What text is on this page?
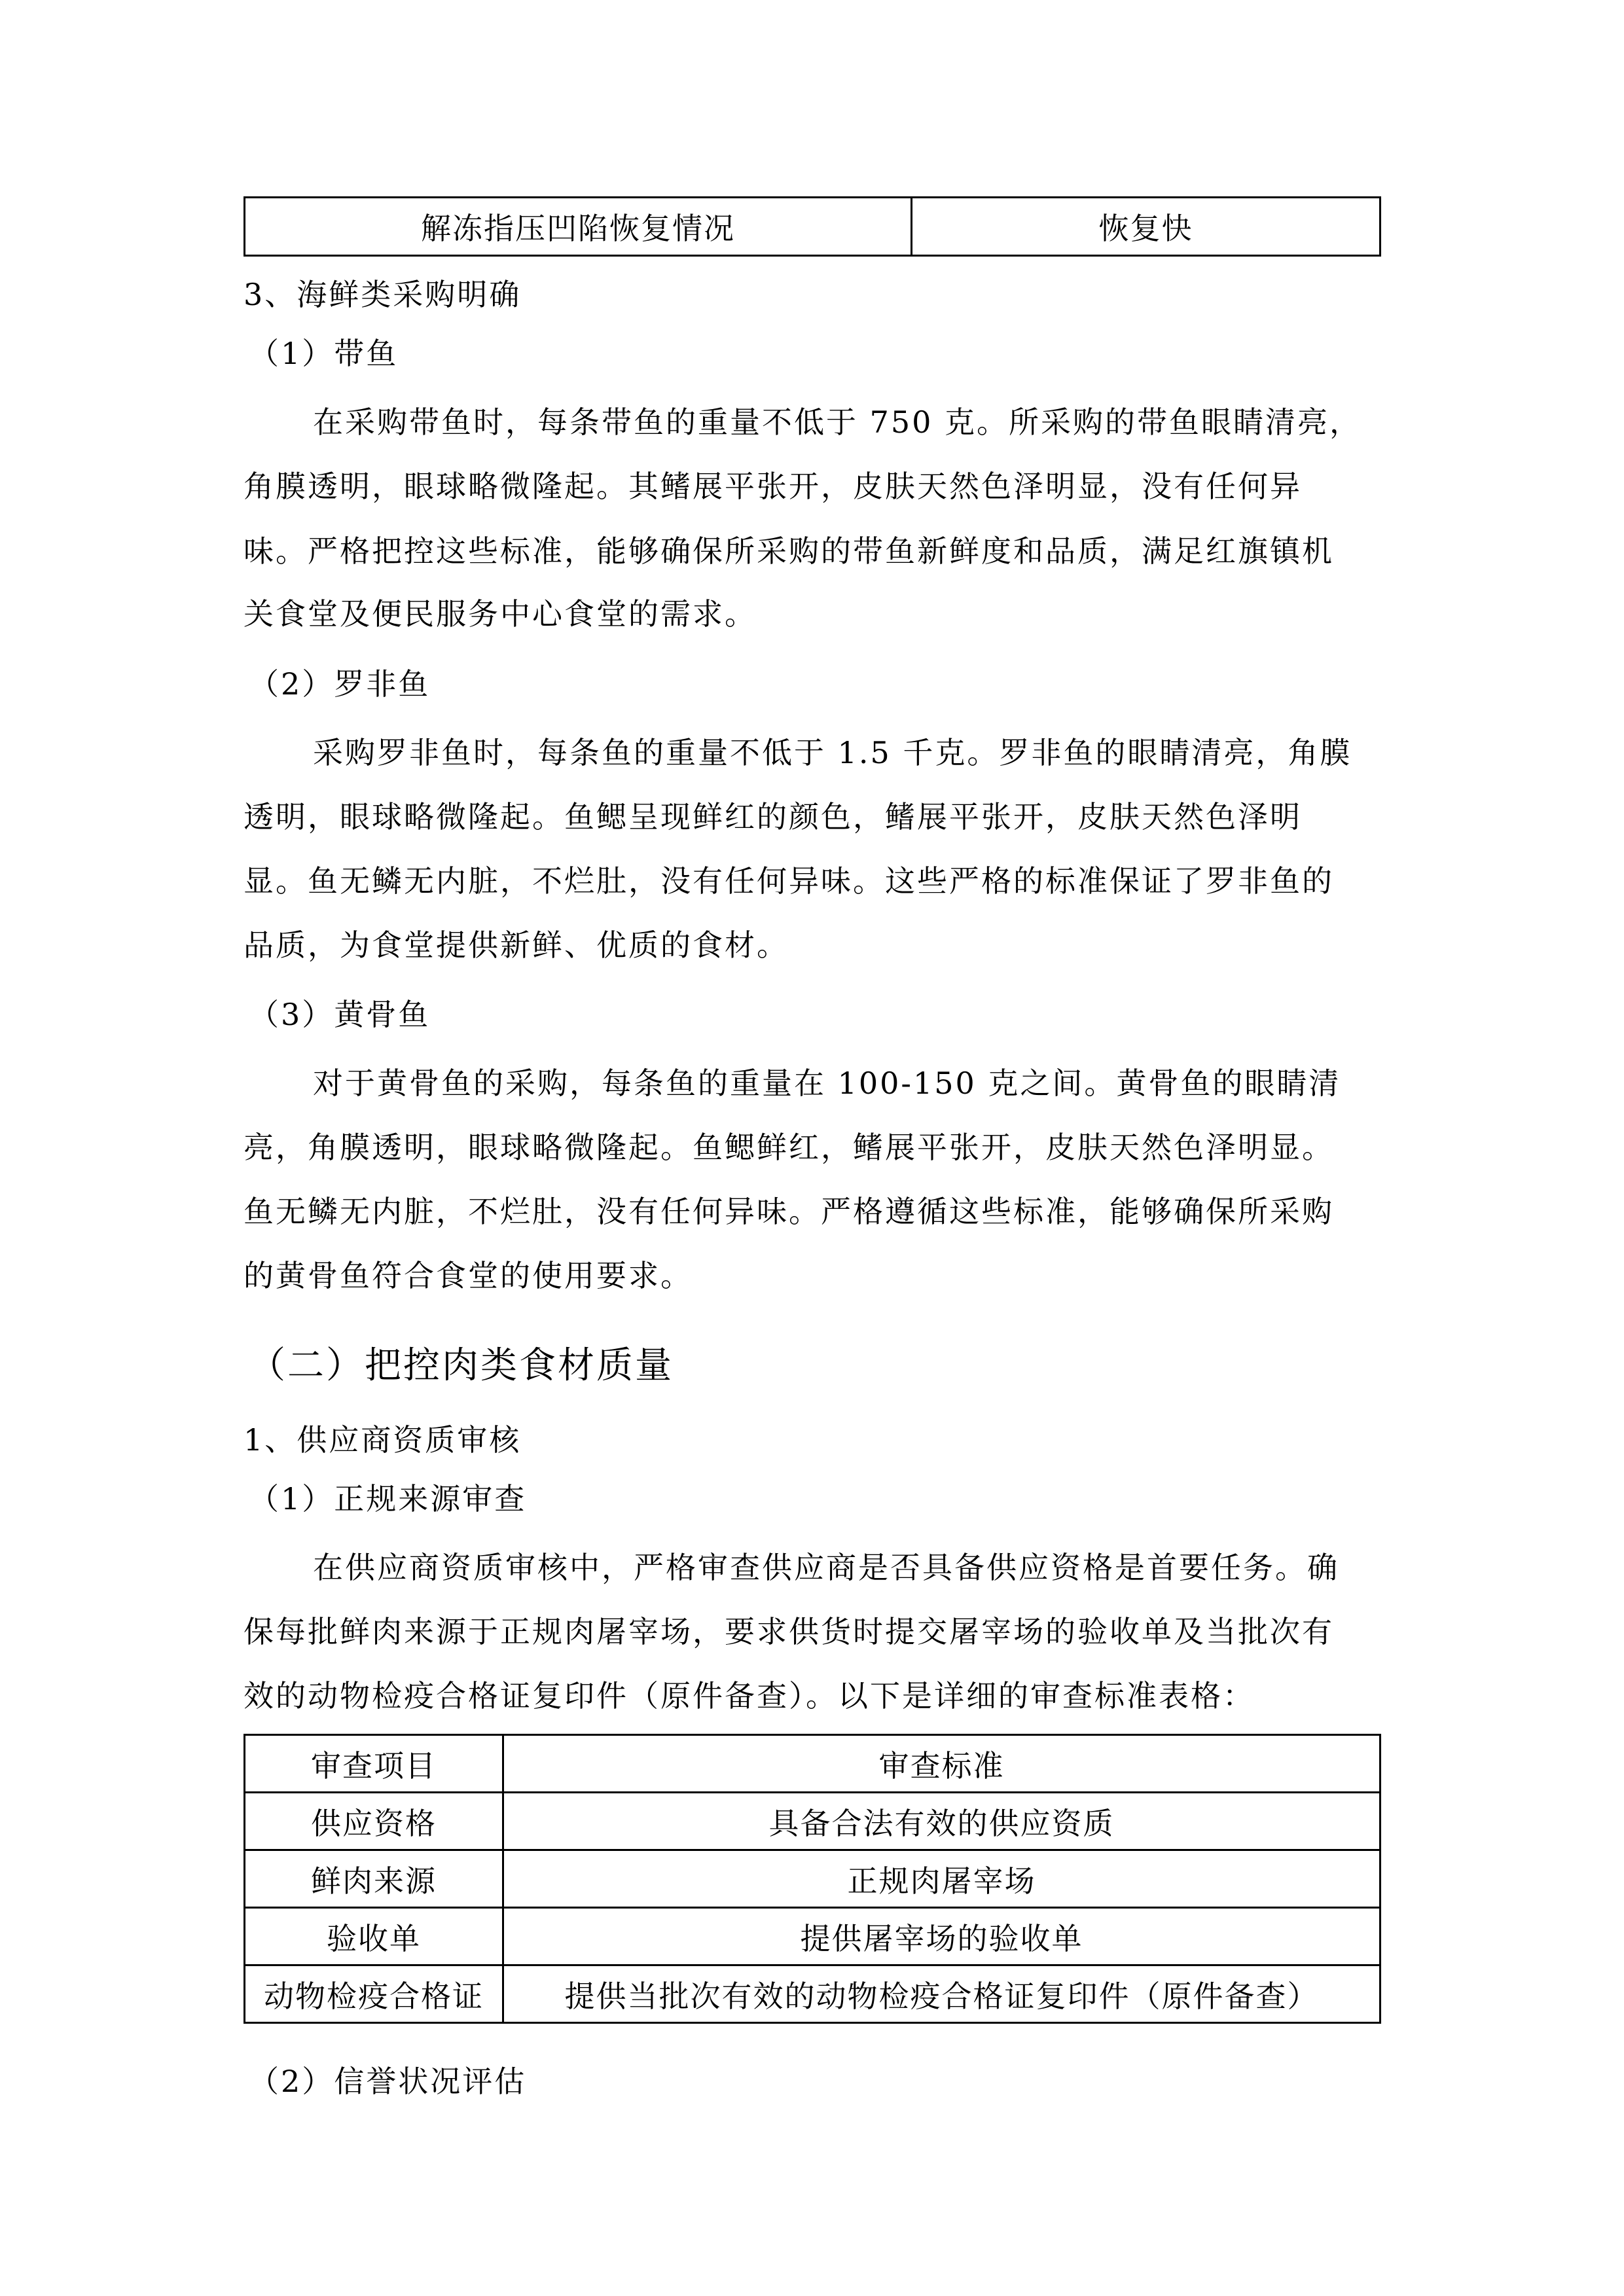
解冻指压凹陷恢复情况	恢复快
3、海鲜类采购明确
（1）带鱼
在采购带鱼时，每条带鱼的重量不低于 750 克。所采购的带鱼眼睛清亮，
角膜透明，眼球略微隆起。其鳍展平张开，皮肤天然色泽明显，没有任何异
味。严格把控这些标准，能够确保所采购的带鱼新鲜度和品质，满足红旗镇机
关食堂及便民服务中心食堂的需求。
（2）罗非鱼
采购罗非鱼时，每条鱼的重量不低于 1.5 千克。罗非鱼的眼睛清亮，角膜
透明，眼球略微隆起。鱼鳃呈现鲜红的颜色，鳍展平张开，皮肤天然色泽明
显。鱼无鳞无内脏，不烂肚，没有任何异味。这些严格的标准保证了罗非鱼的
品质，为食堂提供新鲜、优质的食材。
（3）黄骨鱼
对于黄骨鱼的采购，每条鱼的重量在 100-150 克之间。黄骨鱼的眼睛清
亮，角膜透明，眼球略微隆起。鱼鳃鲜红，鳍展平张开，皮肤天然色泽明显。
鱼无鳞无内脏，不烂肚，没有任何异味。严格遵循这些标准，能够确保所采购
的黄骨鱼符合食堂的使用要求。
（二）把控肉类食材质量
1、供应商资质审核
（1）正规来源审查
在供应商资质审核中，严格审查供应商是否具备供应资格是首要任务。确
保每批鲜肉来源于正规肉屠宰场，要求供货时提交屠宰场的验收单及当批次有
效的动物检疫合格证复印件（原件备查）。以下是详细的审查标准表格：
审查项目	审查标准
供应资格	具备合法有效的供应资质
鲜肉来源	正规肉屠宰场
验收单	提供屠宰场的验收单
动物检疫合格证	提供当批次有效的动物检疫合格证复印件（原件备查）
（2）信誉状况评估
